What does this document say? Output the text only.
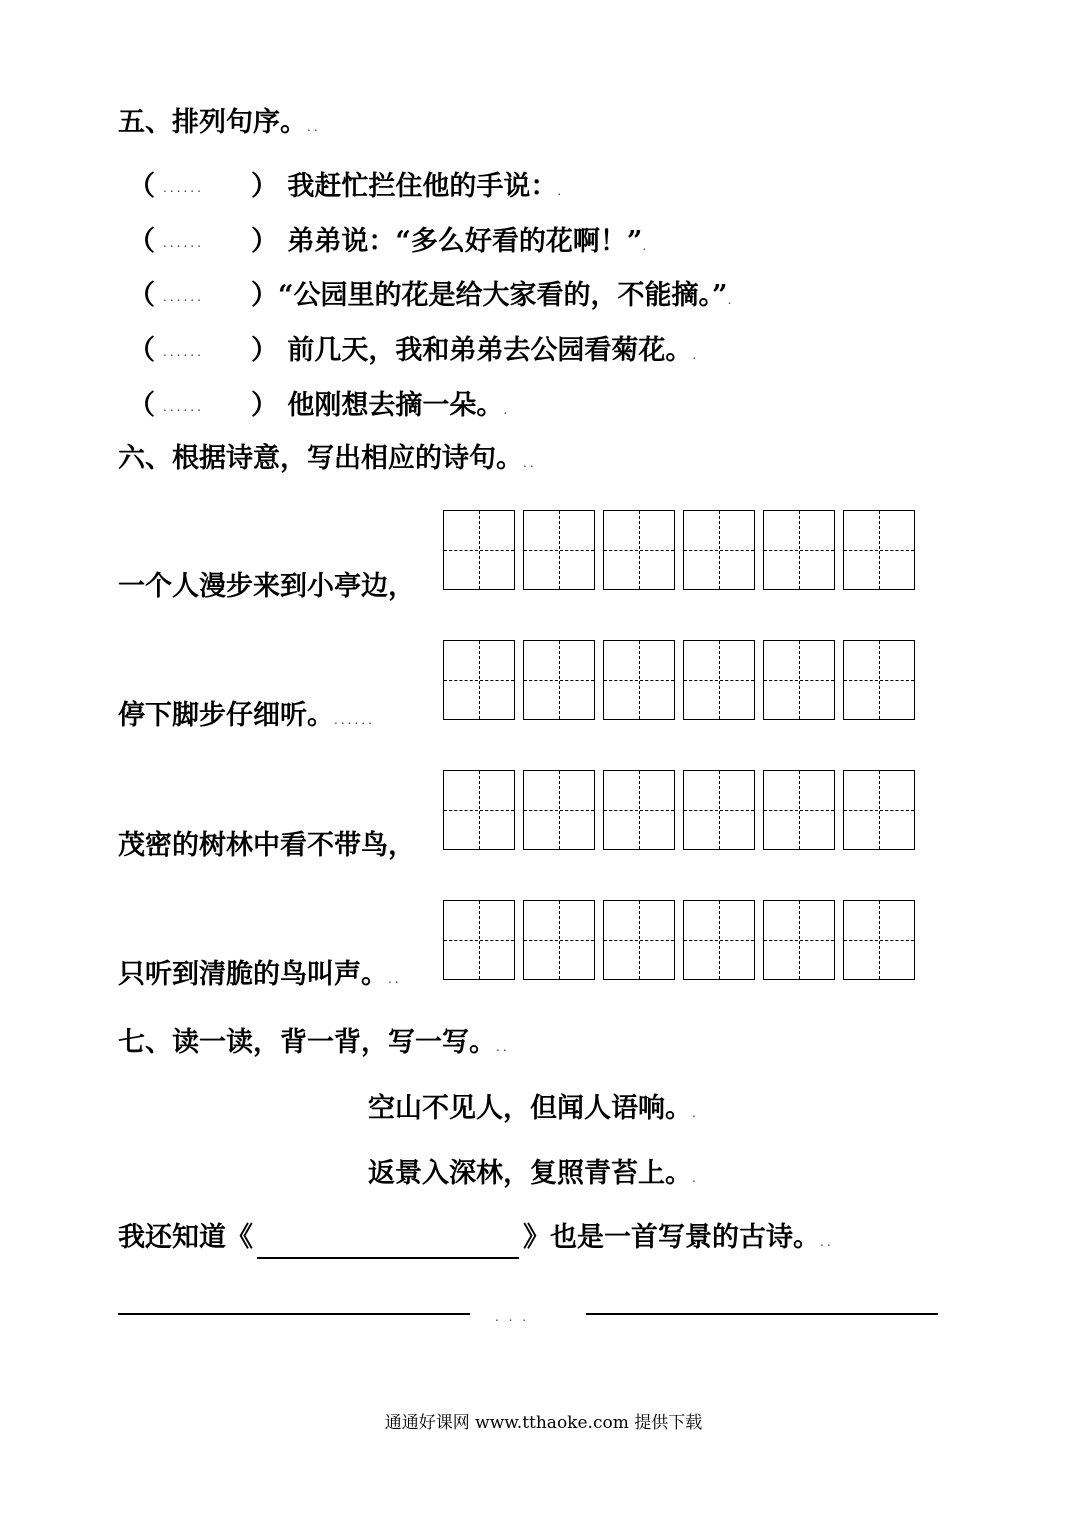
五、排列句序。..
（ ...... ） 我赶忙拦住他的手说：.
（ ...... ） 弟弟说：“多么好看的花啊！”.
（ ...... ）“公园里的花是给大家看的，不能摘。”.
（ ...... ） 前几天，我和弟弟去公园看菊花。.
（ ...... ） 他刚想去摘一朵。.
六、根据诗意，写出相应的诗句。..
一个人漫步来到小亭边，
停下脚步仔细听。......
茂密的树林中看不带鸟，
只听到清脆的鸟叫声。..
七、读一读，背一背，写一写。..
空山不见人，但闻人语响。.
返景入深林，复照青苔上。.
我还知道《	》也是一首写景的古诗。..
. . .
通通好课网 www.tthaoke.com 提供下载
